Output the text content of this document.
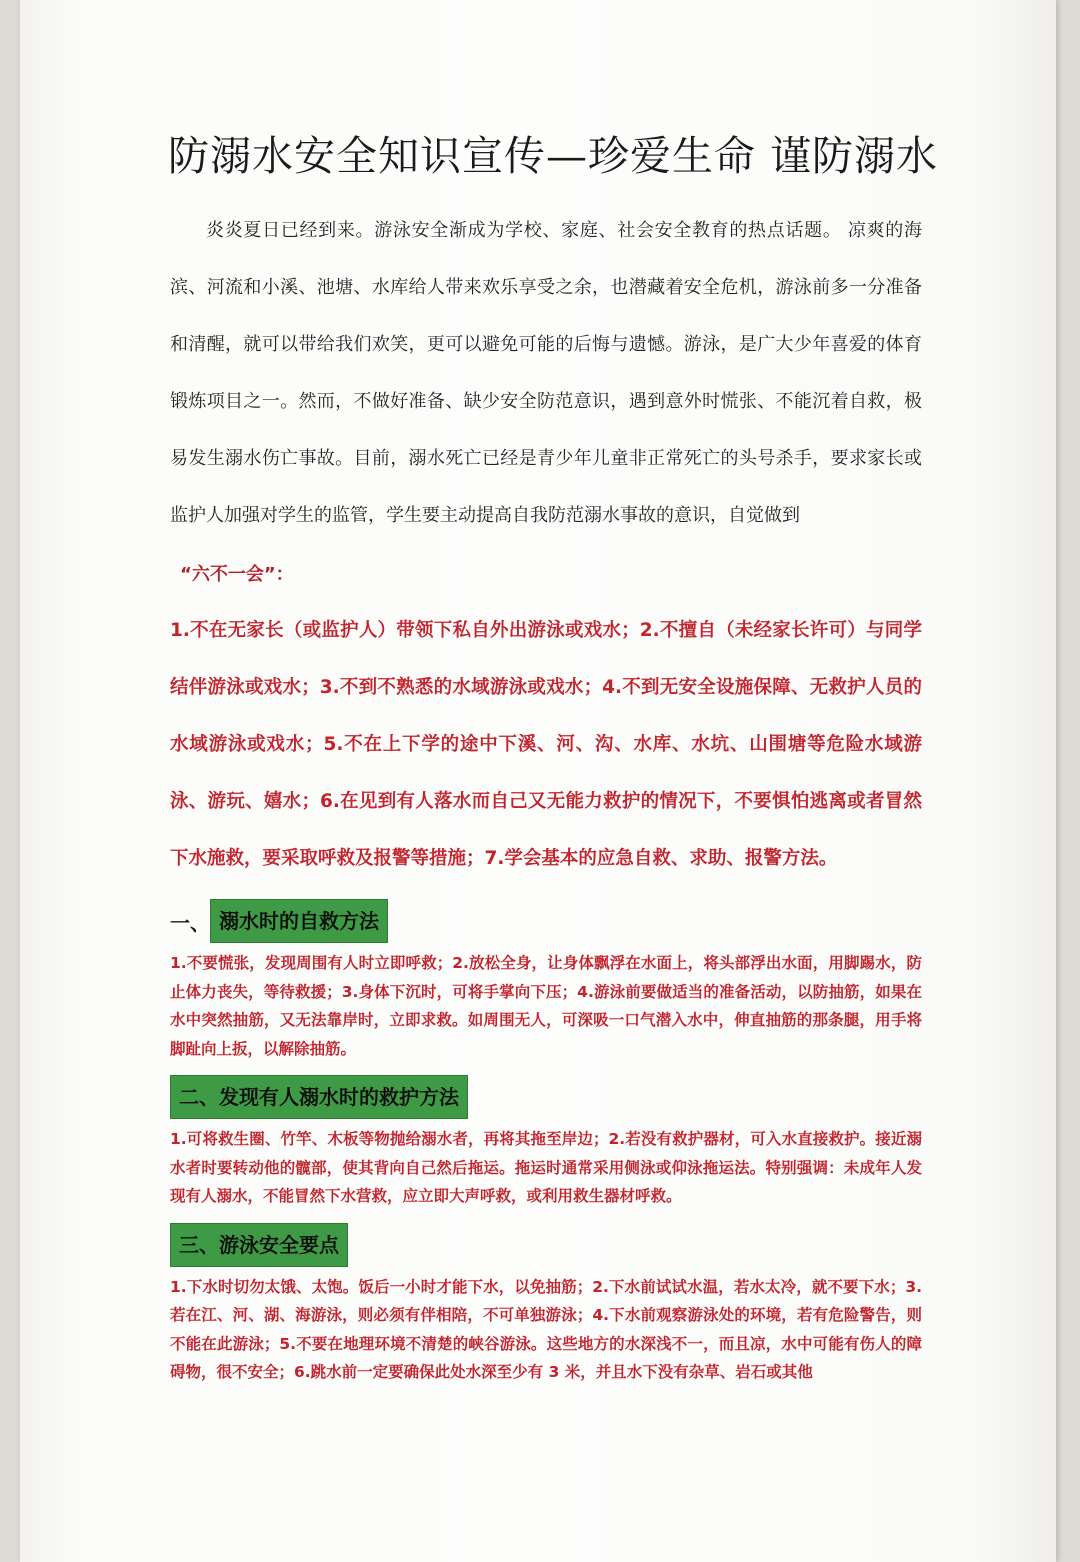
防溺水安全知识宣传—珍爱生命 谨防溺水

炎炎夏日已经到来。游泳安全渐成为学校、家庭、社会安全教育的热点话题。 凉爽的海滨、河流和小溪、池塘、水库给人带来欢乐享受之余，也潜藏着安全危机，游泳前多一分准备和清醒，就可以带给我们欢笑，更可以避免可能的后悔与遗憾。游泳，是广大少年喜爱的体育锻炼项目之一。然而，不做好准备、缺少安全防范意识，遇到意外时慌张、不能沉着自救，极易发生溺水伤亡事故。目前，溺水死亡已经是青少年儿童非正常死亡的头号杀手，要求家长或监护人加强对学生的监管，学生要主动提高自我防范溺水事故的意识，自觉做到

“六不一会”：

1.不在无家长（或监护人）带领下私自外出游泳或戏水；2.不擅自（未经家长许可）与同学结伴游泳或戏水；3.不到不熟悉的水域游泳或戏水；4.不到无安全设施保障、无救护人员的水域游泳或戏水；5.不在上下学的途中下溪、河、沟、水库、水坑、山围塘等危险水域游泳、游玩、嬉水；6.在见到有人落水而自己又无能力救护的情况下，不要惧怕逃离或者冒然下水施救，要采取呼救及报警等措施；7.学会基本的应急自救、求助、报警方法。

一、 溺水时的自救方法

1.不要慌张，发现周围有人时立即呼救；2.放松全身，让身体飘浮在水面上，将头部浮出水面，用脚踢水，防止体力丧失，等待救援；3.身体下沉时，可将手掌向下压；4.游泳前要做适当的准备活动，以防抽筋，如果在水中突然抽筋，又无法靠岸时，立即求救。如周围无人，可深吸一口气潜入水中，伸直抽筋的那条腿，用手将脚趾向上扳，以解除抽筋。

二、发现有人溺水时的救护方法

1.可将救生圈、竹竿、木板等物抛给溺水者，再将其拖至岸边；2.若没有救护器材，可入水直接救护。接近溺水者时要转动他的髋部，使其背向自己然后拖运。拖运时通常采用侧泳或仰泳拖运法。特别强调：未成年人发现有人溺水，不能冒然下水营救，应立即大声呼救，或利用救生器材呼救。

三、游泳安全要点

1.下水时切勿太饿、太饱。饭后一小时才能下水，以免抽筋；2.下水前试试水温，若水太冷，就不要下水；3.若在江、河、湖、海游泳，则必须有伴相陪，不可单独游泳；4.下水前观察游泳处的环境，若有危险警告，则不能在此游泳；5.不要在地理环境不清楚的峡谷游泳。这些地方的水深浅不一，而且凉，水中可能有伤人的障碍物，很不安全；6.跳水前一定要确保此处水深至少有 3 米，并且水下没有杂草、岩石或其他
